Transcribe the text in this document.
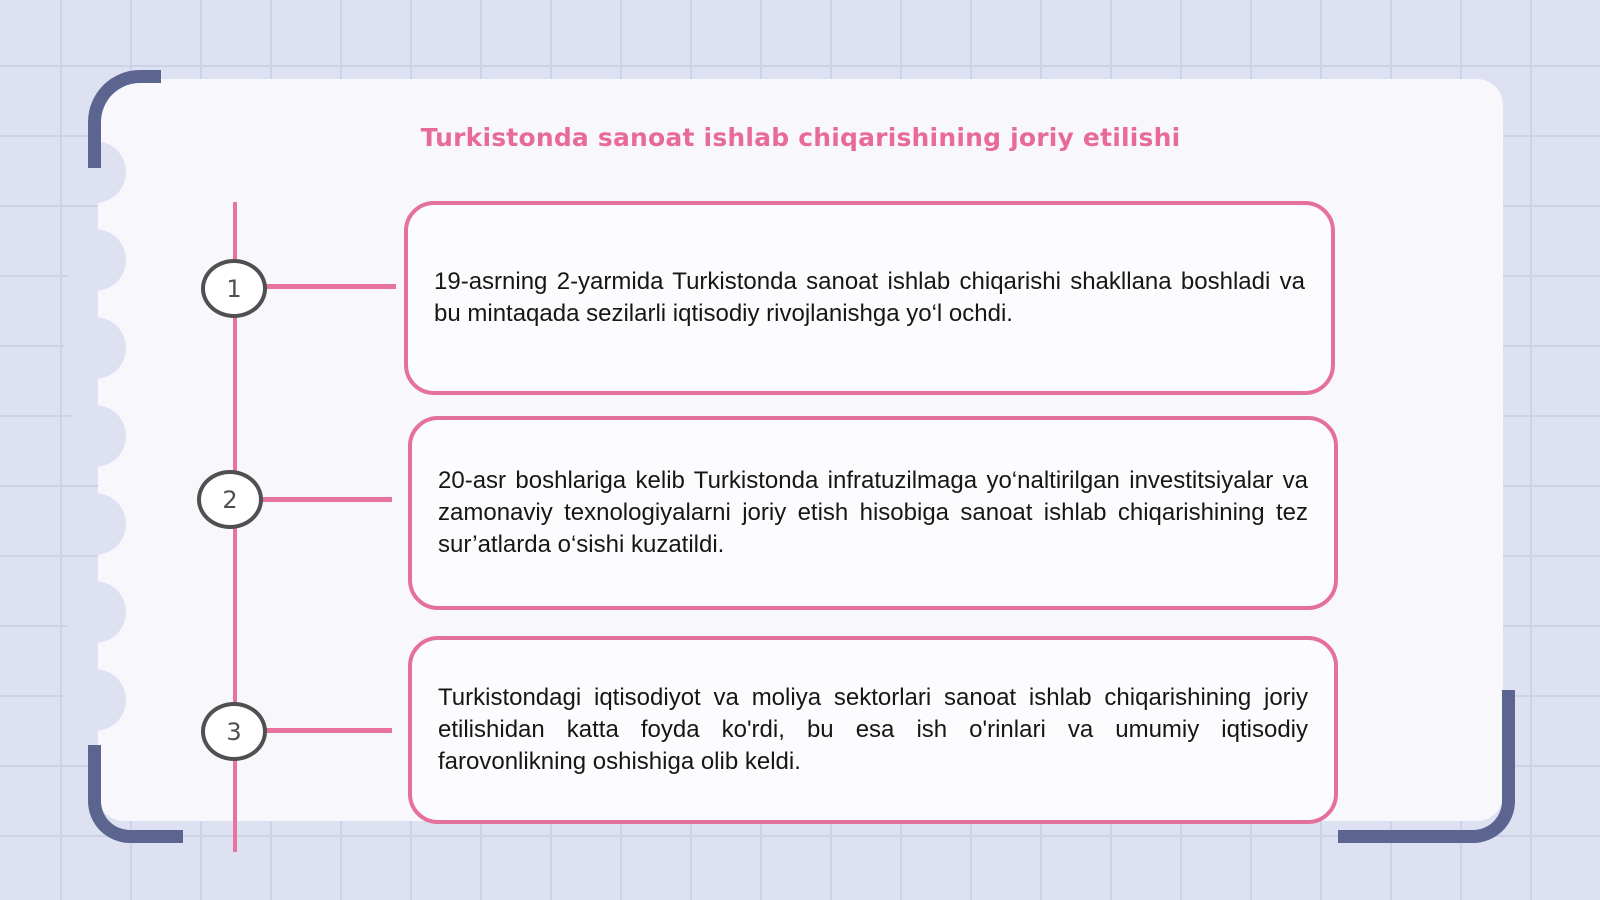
Turkistonda sanoat ishlab chiqarishining joriy etilishi
1
2
3

19-asrning 2-yarmida Turkistonda sanoat ishlab chiqarishi shakllana boshladi va bu mintaqada sezilarli iqtisodiy rivojlanishga yo‘l ochdi.

20-asr boshlariga kelib Turkistonda infratuzilmaga yo‘naltirilgan investitsiyalar va zamonaviy texnologiyalarni joriy etish hisobiga sanoat ishlab chiqarishining tez sur’atlarda o‘sishi kuzatildi.

Turkistondagi iqtisodiyot va moliya sektorlari sanoat ishlab chiqarishining joriy etilishidan katta foyda ko'rdi, bu esa ish o'rinlari va umumiy iqtisodiy farovonlikning oshishiga olib keldi.
